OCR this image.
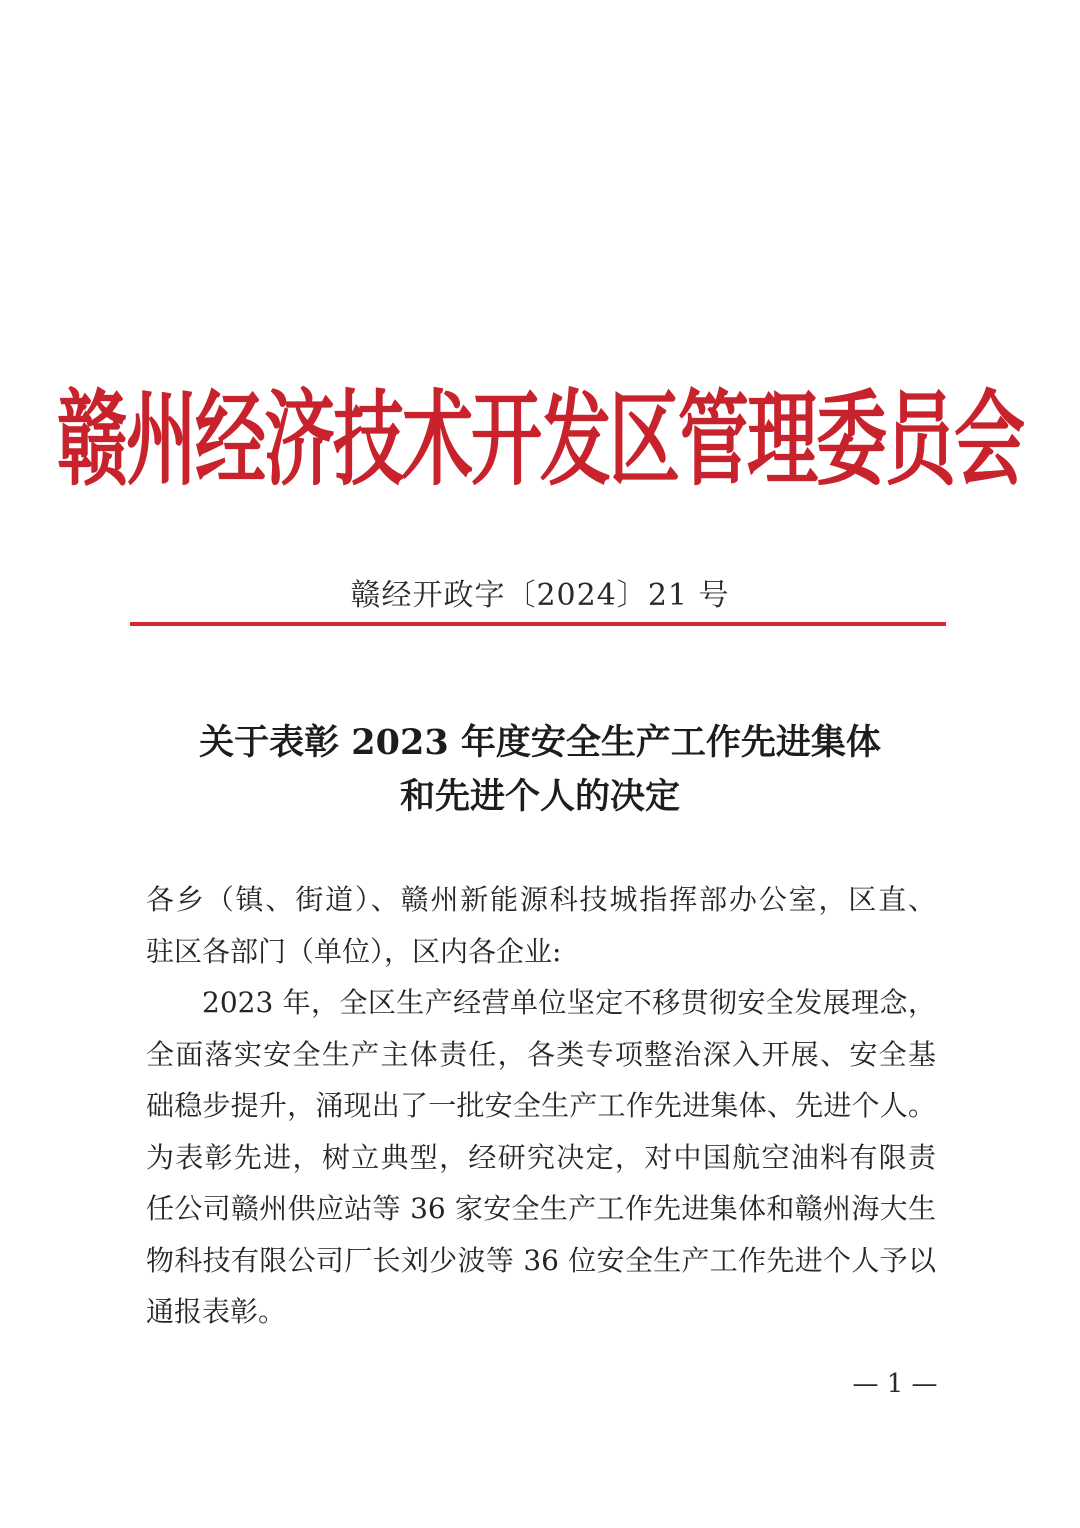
赣州经济技术开发区管理委员会
赣经开政字〔2024〕21 号
关于表彰 2023 年度安全生产工作先进集体
和先进个人的决定
各乡（镇、街道）、赣州新能源科技城指挥部办公室，区直、
驻区各部门（单位），区内各企业:
2023 年，全区生产经营单位坚定不移贯彻安全发展理念，
全面落实安全生产主体责任，各类专项整治深入开展、安全基
础稳步提升，涌现出了一批安全生产工作先进集体、先进个人。
为表彰先进，树立典型，经研究决定，对中国航空油料有限责
任公司赣州供应站等 36 家安全生产工作先进集体和赣州海大生
物科技有限公司厂长刘少波等 36 位安全生产工作先进个人予以
通报表彰。
— 1 —
